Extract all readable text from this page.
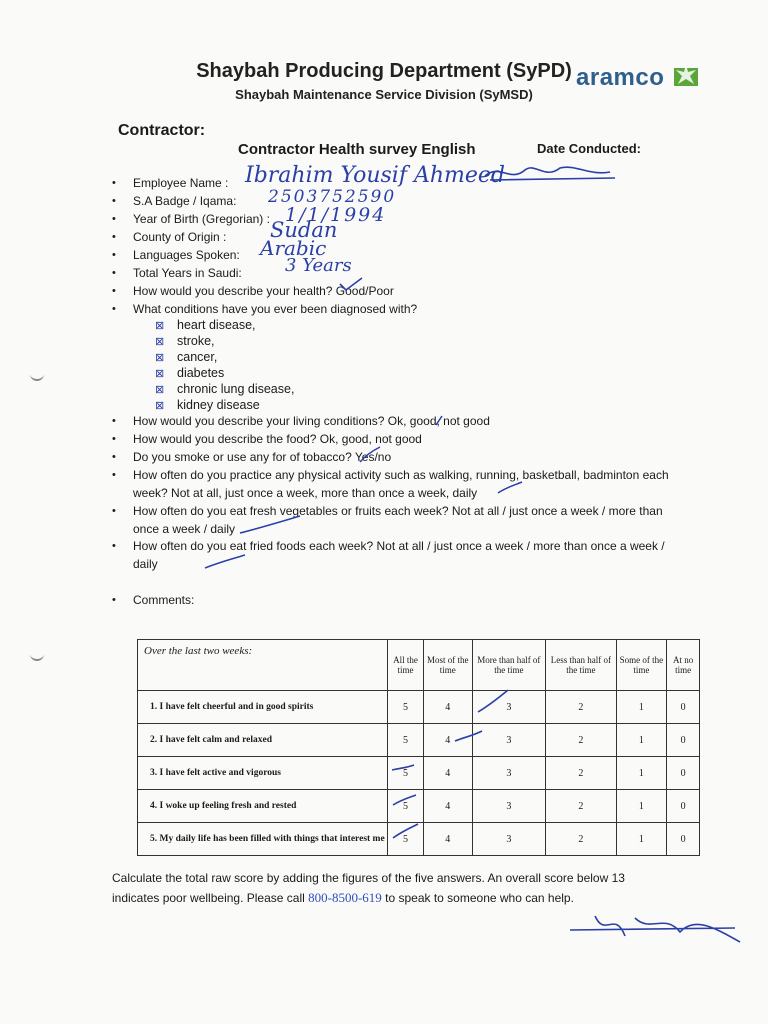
Shaybah Producing Department (SyPD)
Shaybah Maintenance Service Division (SyMSD)
aramco
Contractor:
Contractor Health survey English	Date Conducted:
• Employee Name : Ibrahim Yousif Ahmeed
• S.A Badge / Iqama: 2503752590
• Year of Birth (Gregorian) : 1/1/1994
• County of Origin : Sudan
• Languages Spoken: Arabic
• Total Years in Saudi: 3 Years
• How would you describe your health? Good/Poor
• What conditions have you ever been diagnosed with?
⊠ heart disease,
⊠ stroke,
⊠ cancer,
⊠ diabetes
⊠ chronic lung disease,
⊠ kidney disease
• How would you describe your living conditions? Ok, good, not good
• How would you describe the food? Ok, good, not good
• Do you smoke or use any for of tobacco? Yes/no
• How often do you practice any physical activity such as walking, running, basketball, badminton each week? Not at all, just once a week, more than once a week, daily
• How often do you eat fresh vegetables or fruits each week? Not at all / just once a week / more than once a week / daily
• How often do you eat fried foods each week? Not at all / just once a week / more than once a week / daily
• Comments:
Over the last two weeks:	All the time	Most of the time	More than half of the time	Less than half of the time	Some of the time	At no time
1. I have felt cheerful and in good spirits	5	4	3	2	1	0
2. I have felt calm and relaxed	5	4	3	2	1	0
3. I have felt active and vigorous	5	4	3	2	1	0
4. I woke up feeling fresh and rested	5	4	3	2	1	0
5. My daily life has been filled with things that interest me	5	4	3	2	1	0
Calculate the total raw score by adding the figures of the five answers. An overall score below 13 indicates poor wellbeing. Please call 800-8500-619 to speak to someone who can help.
